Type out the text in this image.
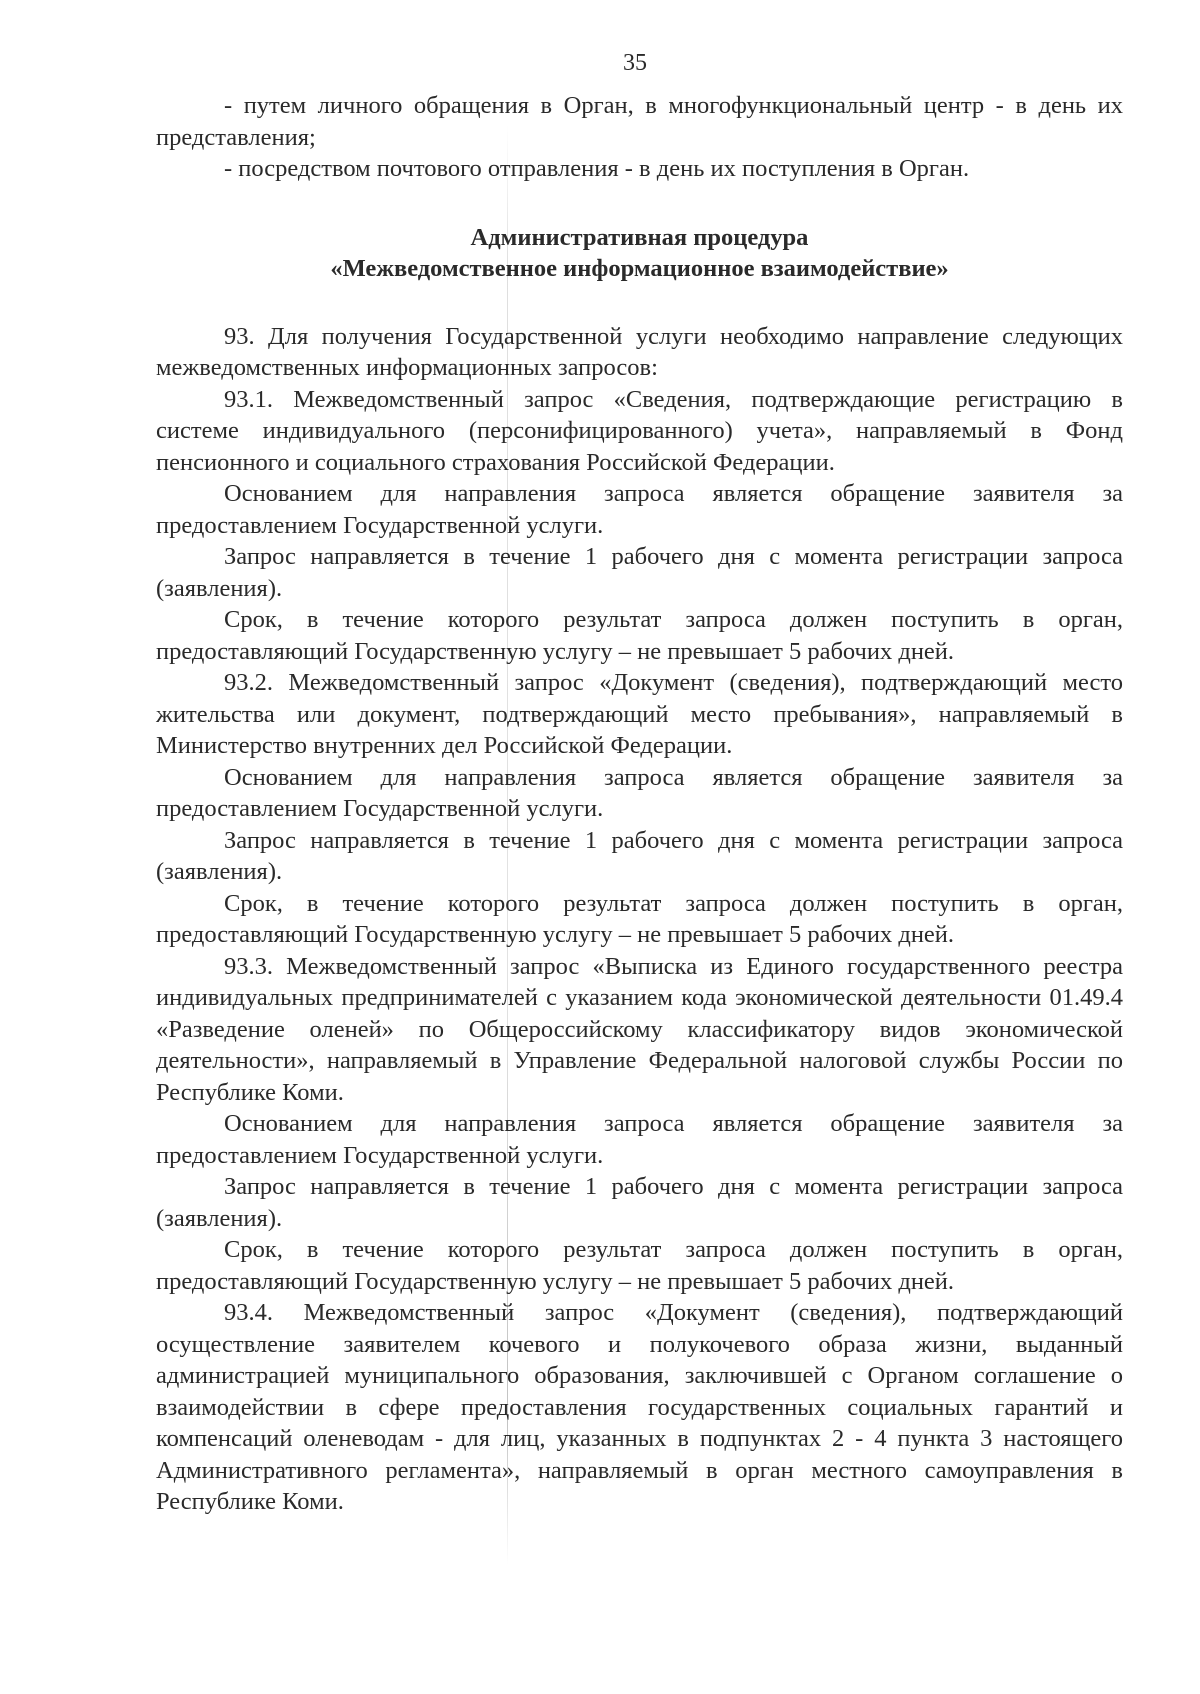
35

- путем личного обращения в Орган, в многофункциональный центр - в день их представления;

- посредством почтового отправления - в день их поступления в Орган.

Административная процедура
«Межведомственное информационное взаимодействие»

93. Для получения Государственной услуги необходимо направление следующих межведомственных информационных запросов:

93.1. Межведомственный запрос «Сведения, подтверждающие регистрацию в системе индивидуального (персонифицированного) учета», направляемый в Фонд пенсионного и социального страхования Российской Федерации.

Основанием для направления запроса является обращение заявителя за предоставлением Государственной услуги.

Запрос направляется в течение 1 рабочего дня с момента регистрации запроса (заявления).

Срок, в течение которого результат запроса должен поступить в орган, предоставляющий Государственную услугу – не превышает 5 рабочих дней.

93.2. Межведомственный запрос «Документ (сведения), подтверждающий место жительства или документ, подтверждающий место пребывания», направляемый в Министерство внутренних дел Российской Федерации.

Основанием для направления запроса является обращение заявителя за предоставлением Государственной услуги.

Запрос направляется в течение 1 рабочего дня с момента регистрации запроса (заявления).

Срок, в течение которого результат запроса должен поступить в орган, предоставляющий Государственную услугу – не превышает 5 рабочих дней.

93.3. Межведомственный запрос «Выписка из Единого государственного реестра индивидуальных предпринимателей с указанием кода экономической деятельности 01.49.4 «Разведение оленей» по Общероссийскому классификатору видов экономической деятельности», направляемый в Управление Федеральной налоговой службы России по Республике Коми.

Основанием для направления запроса является обращение заявителя за предоставлением Государственной услуги.

Запрос направляется в течение 1 рабочего дня с момента регистрации запроса (заявления).

Срок, в течение которого результат запроса должен поступить в орган, предоставляющий Государственную услугу – не превышает 5 рабочих дней.

93.4. Межведомственный запрос «Документ (сведения), подтверждающий осуществление заявителем кочевого и полукочевого образа жизни, выданный администрацией муниципального образования, заключившей с Органом соглашение о взаимодействии в сфере предоставления государственных социальных гарантий и компенсаций оленеводам - для лиц, указанных в подпунктах 2 - 4 пункта 3 настоящего Административного регламента», направляемый в орган местного самоуправления в Республике Коми.
